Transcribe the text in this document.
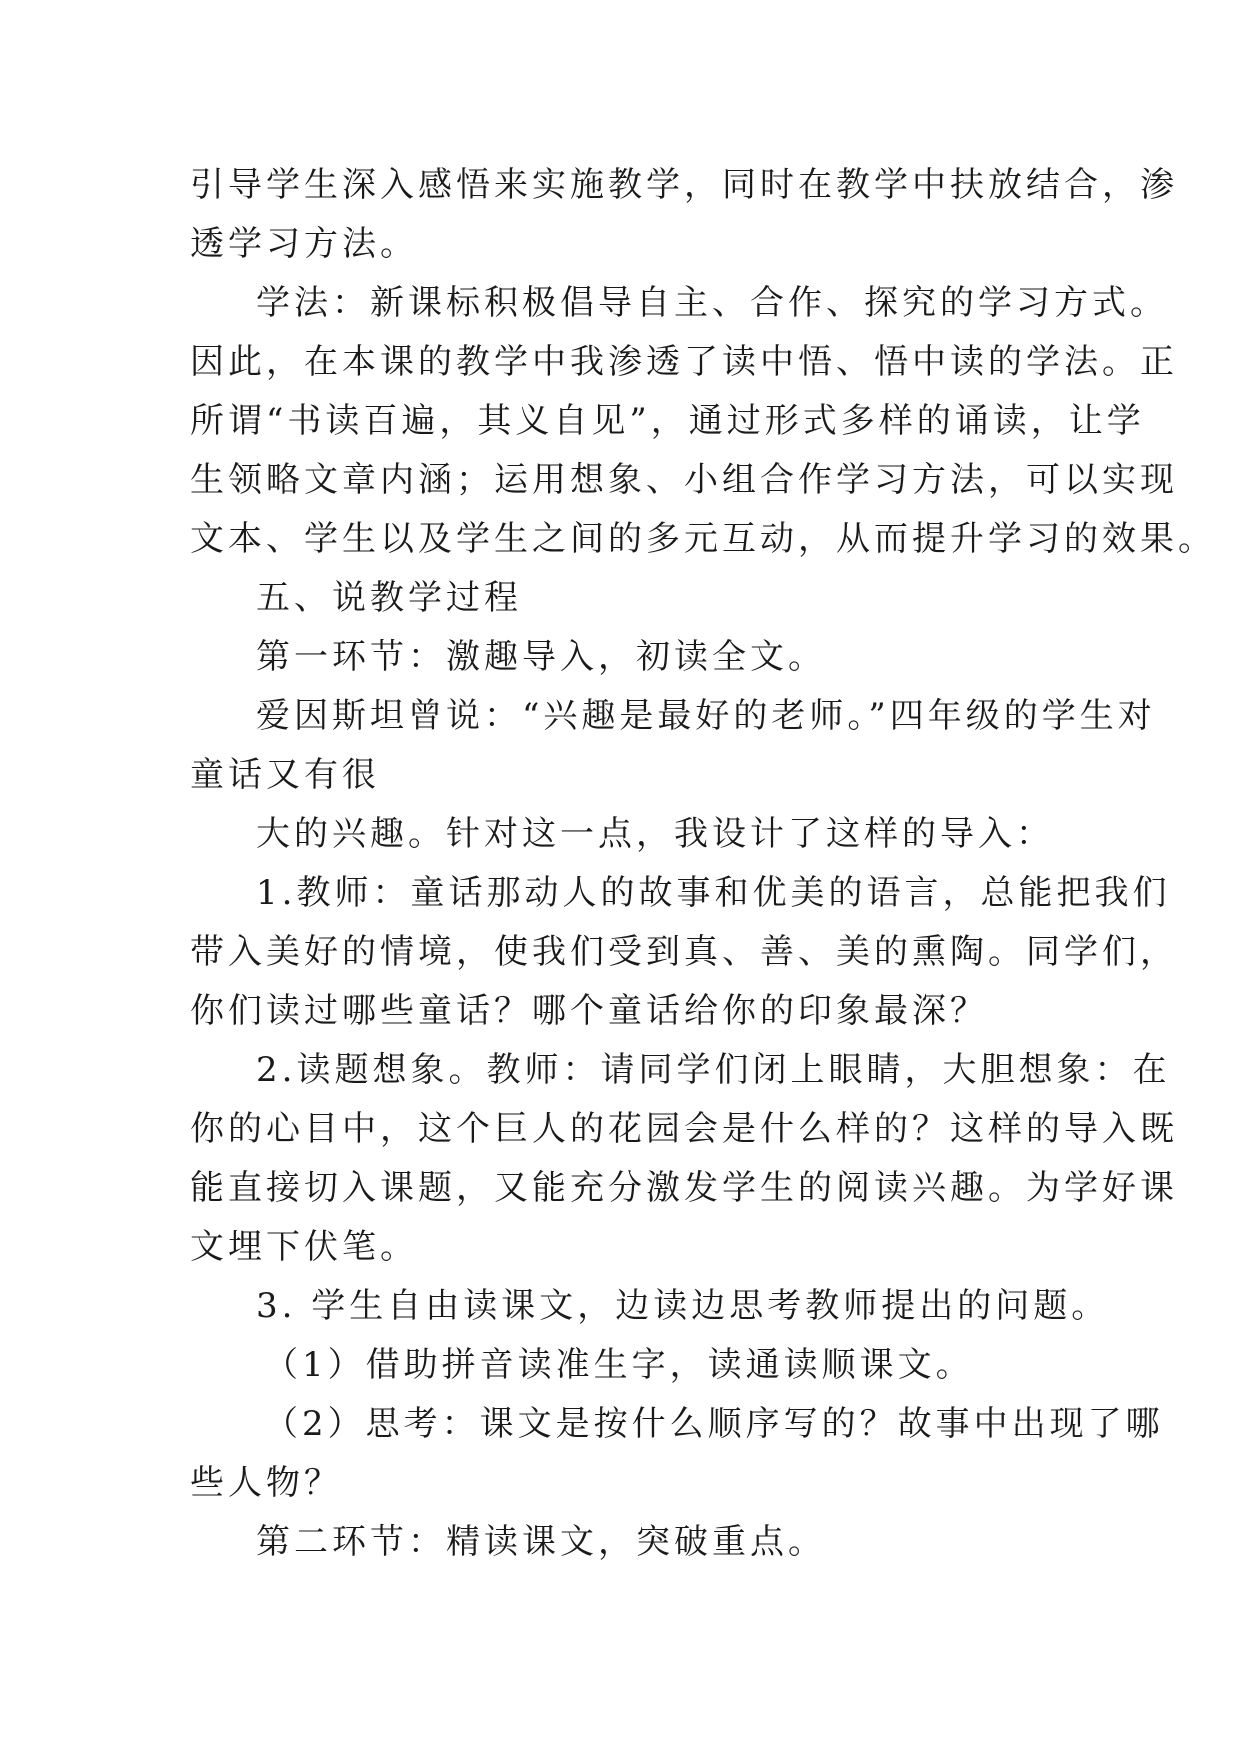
引导学生深入感悟来实施教学，同时在教学中扶放结合，渗
透学习方法。
学法：新课标积极倡导自主、合作、探究的学习方式。
因此，在本课的教学中我渗透了读中悟、悟中读的学法。正
所谓“书读百遍，其义自见”，通过形式多样的诵读，让学
生领略文章内涵；运用想象、小组合作学习方法，可以实现
文本、学生以及学生之间的多元互动，从而提升学习的效果。
五、说教学过程
第一环节：激趣导入，初读全文。
爱因斯坦曾说：“兴趣是最好的老师。”四年级的学生对
童话又有很
大的兴趣。针对这一点，我设计了这样的导入：
1.教师：童话那动人的故事和优美的语言，总能把我们
带入美好的情境，使我们受到真、善、美的熏陶。同学们，
你们读过哪些童话？哪个童话给你的印象最深？
2.读题想象。教师：请同学们闭上眼睛，大胆想象：在
你的心目中，这个巨人的花园会是什么样的？这样的导入既
能直接切入课题，又能充分激发学生的阅读兴趣。为学好课
文埋下伏笔。
3. 学生自由读课文，边读边思考教师提出的问题。
（1）借助拼音读准生字，读通读顺课文。
（2）思考：课文是按什么顺序写的？故事中出现了哪
些人物？
第二环节：精读课文，突破重点。
